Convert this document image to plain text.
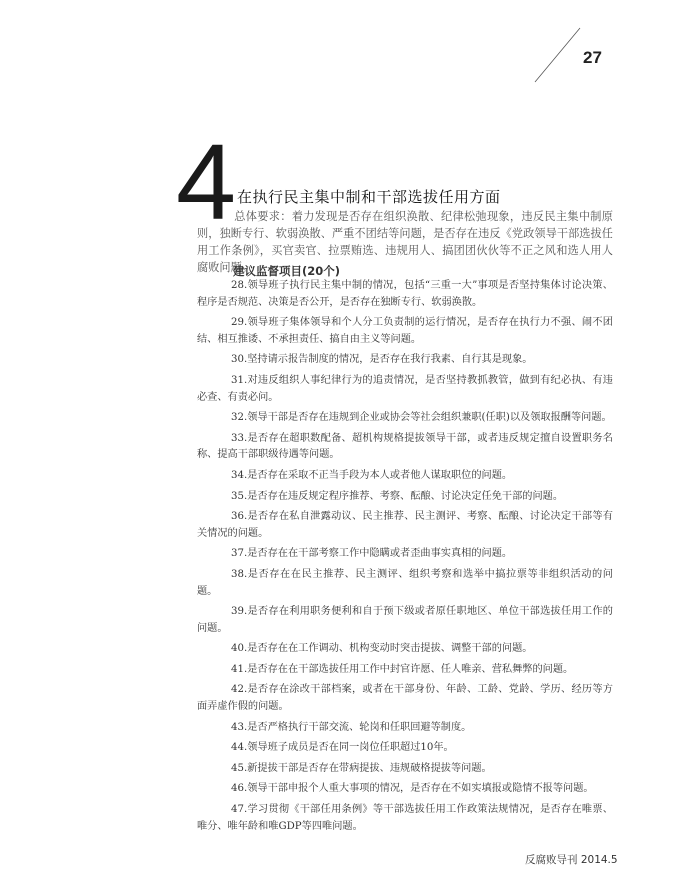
27
4 在执行民主集中制和干部选拔任用方面

总体要求：着力发现是否存在组织涣散、纪律松弛现象，违反民主集中制原则，独断专行、软弱涣散、严重不团结等问题，是否存在违反《党政领导干部选拔任用工作条例》，买官卖官、拉票贿选、违规用人、搞团团伙伙等不正之风和选人用人腐败问题。

建议监督项目(20个)
28.领导班子执行民主集中制的情况，包括“三重一大”事项是否坚持集体讨论决策、程序是否规范、决策是否公开，是否存在独断专行、软弱涣散。
29.领导班子集体领导和个人分工负责制的运行情况，是否存在执行力不强、闹不团结、相互推诿、不承担责任、搞自由主义等问题。
30.坚持请示报告制度的情况，是否存在我行我素、自行其是现象。
31.对违反组织人事纪律行为的追责情况，是否坚持教抓教管，做到有纪必执、有违必查、有责必问。
32.领导干部是否存在违规到企业或协会等社会组织兼职(任职)以及领取报酬等问题。
33.是否存在超职数配备、超机构规格提拔领导干部，或者违反规定擅自设置职务名称、提高干部职级待遇等问题。
34.是否存在采取不正当手段为本人或者他人谋取职位的问题。
35.是否存在违反规定程序推荐、考察、酝酿、讨论决定任免干部的问题。
36.是否存在私自泄露动议、民主推荐、民主测评、考察、酝酿、讨论决定干部等有关情况的问题。
37.是否存在在干部考察工作中隐瞒或者歪曲事实真相的问题。
38.是否存在在民主推荐、民主测评、组织考察和选举中搞拉票等非组织活动的问题。
39.是否存在利用职务便利和自于预下级或者原任职地区、单位干部选拔任用工作的问题。
40.是否存在在工作调动、机构变动时突击提拔、调整干部的问题。
41.是否存在在干部选拔任用工作中封官许愿、任人唯亲、营私舞弊的问题。
42.是否存在涂改干部档案，或者在干部身份、年龄、工龄、党龄、学历、经历等方面弄虚作假的问题。
43.是否严格执行干部交流、轮岗和任职回避等制度。
44.领导班子成员是否在同一岗位任职超过10年。
45.新提拔干部是否存在带病提拔、违规破格提拔等问题。
46.领导干部申报个人重大事项的情况，是否存在不如实填报或隐情不报等问题。
47.学习贯彻《干部任用条例》等干部选拔任用工作政策法规情况，是否存在唯票、唯分、唯年龄和唯GDP等四唯问题。
反腐败导刊 2014.5
